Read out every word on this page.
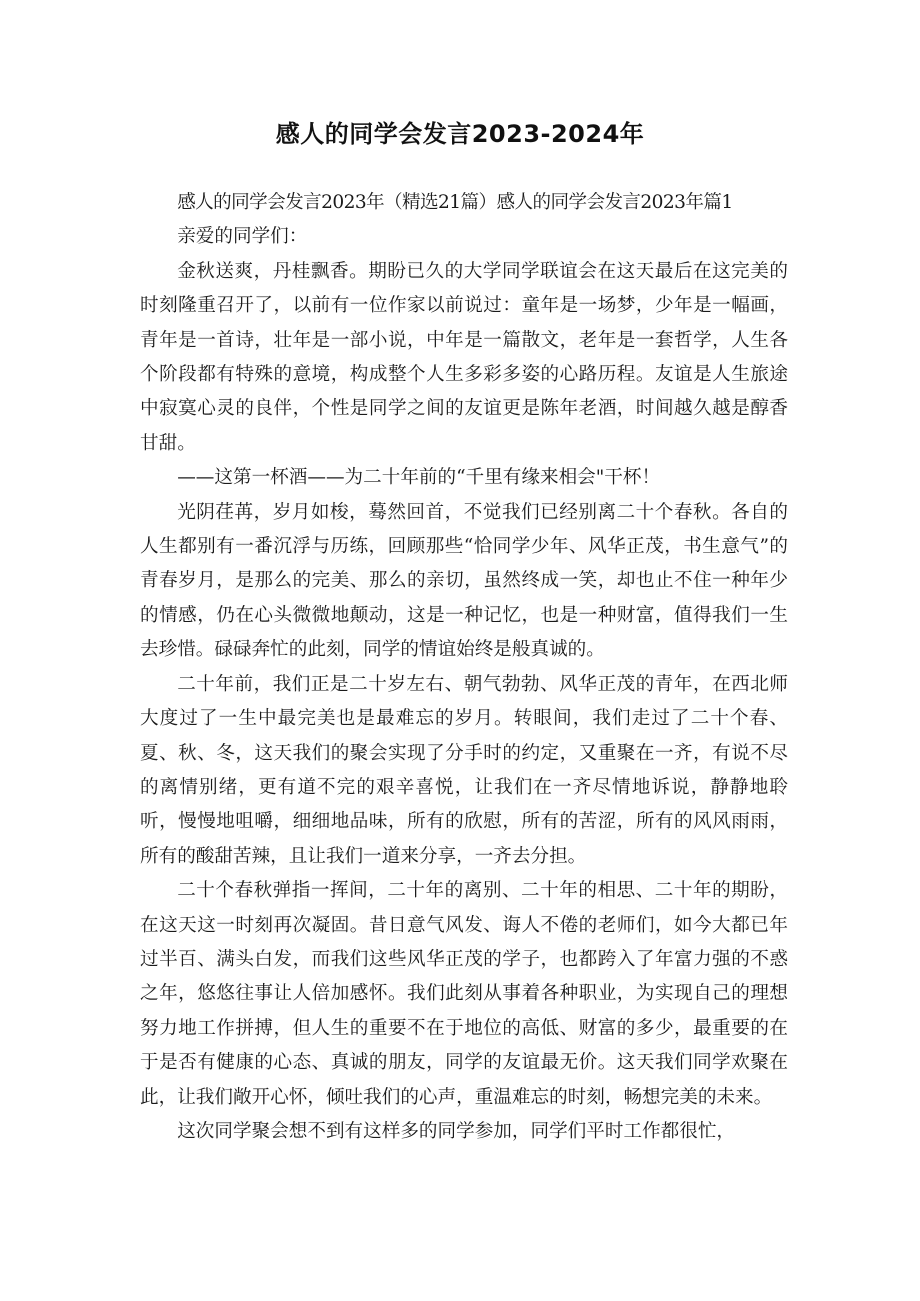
感人的同学会发言2023-2024年

感人的同学会发言2023年（精选21篇）感人的同学会发言2023年篇1

亲爱的同学们：

金秋送爽，丹桂飘香。期盼已久的大学同学联谊会在这天最后在这完美的时刻隆重召开了，以前有一位作家以前说过：童年是一场梦，少年是一幅画，青年是一首诗，壮年是一部小说，中年是一篇散文，老年是一套哲学，人生各个阶段都有特殊的意境，构成整个人生多彩多姿的心路历程。友谊是人生旅途中寂寞心灵的良伴，个性是同学之间的友谊更是陈年老酒，时间越久越是醇香甘甜。

——这第一杯酒——为二十年前的“千里有缘来相会"干杯！

光阴荏苒，岁月如梭，蓦然回首，不觉我们已经别离二十个春秋。各自的人生都别有一番沉浮与历练，回顾那些“恰同学少年、风华正茂，书生意气”的青春岁月，是那么的完美、那么的亲切，虽然终成一笑，却也止不住一种年少的情感，仍在心头微微地颠动，这是一种记忆，也是一种财富，值得我们一生去珍惜。碌碌奔忙的此刻，同学的情谊始终是般真诚的。

二十年前，我们正是二十岁左右、朝气勃勃、风华正茂的青年，在西北师大度过了一生中最完美也是最难忘的岁月。转眼间，我们走过了二十个春、夏、秋、冬，这天我们的聚会实现了分手时的约定，又重聚在一齐，有说不尽的离情别绪，更有道不完的艰辛喜悦，让我们在一齐尽情地诉说，静静地聆听，慢慢地咀嚼，细细地品味，所有的欣慰，所有的苦涩，所有的风风雨雨，所有的酸甜苦辣，且让我们一道来分享，一齐去分担。

二十个春秋弹指一挥间，二十年的离别、二十年的相思、二十年的期盼，在这天这一时刻再次凝固。昔日意气风发、诲人不倦的老师们，如今大都已年过半百、满头白发，而我们这些风华正茂的学子，也都跨入了年富力强的不惑之年，悠悠往事让人倍加感怀。我们此刻从事着各种职业，为实现自己的理想努力地工作拼搏，但人生的重要不在于地位的高低、财富的多少，最重要的在于是否有健康的心态、真诚的朋友，同学的友谊最无价。这天我们同学欢聚在此，让我们敞开心怀，倾吐我们的心声，重温难忘的时刻，畅想完美的未来。

这次同学聚会想不到有这样多的同学参加，同学们平时工作都很忙，
